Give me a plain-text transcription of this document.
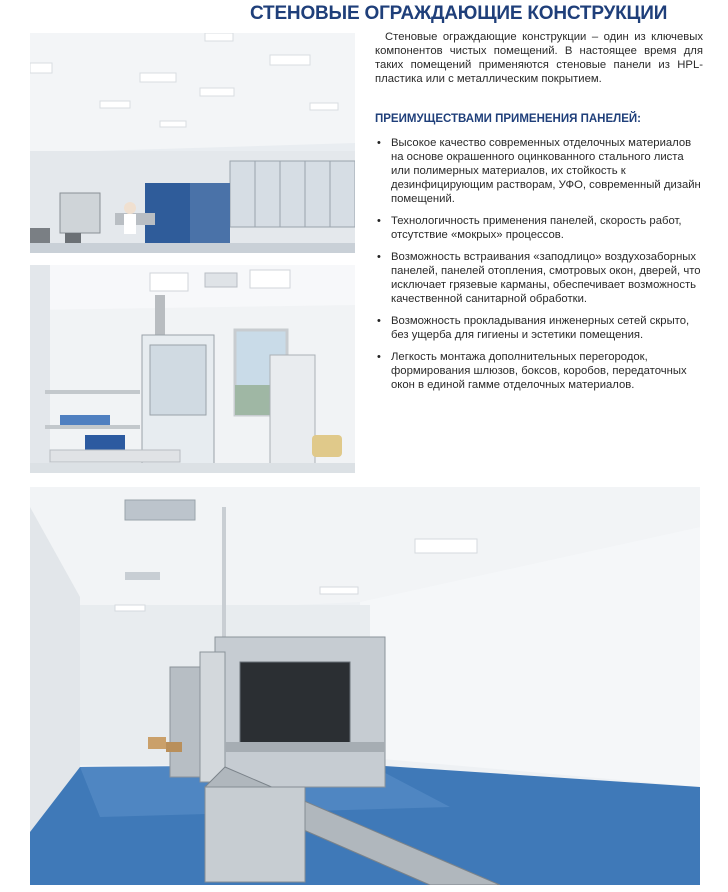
СТЕНОВЫЕ ОГРАЖДАЮЩИЕ КОНСТРУКЦИИ
Стеновые ограждающие конструкции – один из ключевых компонентов чистых помещений. В настоящее время для таких помещений применяются стеновые панели из HPL-пластика или с металлическим покрытием.
ПРЕИМУЩЕСТВАМИ ПРИМЕНЕНИЯ ПАНЕЛЕЙ:
• Высокое качество современных отделочных материалов на основе окрашенного оцинкованного стального листа или полимерных материалов, их стойкость к дезинфицирующим растворам, УФО, современный дизайн помещений.
• Технологичность применения панелей, скорость работ, отсутствие «мокрых» процессов.
• Возможность встраивания «заподлицо» воздухозаборных панелей, панелей отопления, смотровых окон, дверей, что исключает грязевые карманы, обеспечивает возможность качественной санитарной обработки.
• Возможность прокладывания инженерных сетей скрыто, без ущерба для гигиены и эстетики помещения.
• Легкость монтажа дополнительных перегородок, формирования шлюзов, боксов, коробов, передаточных окон в единой гамме отделочных материалов.
